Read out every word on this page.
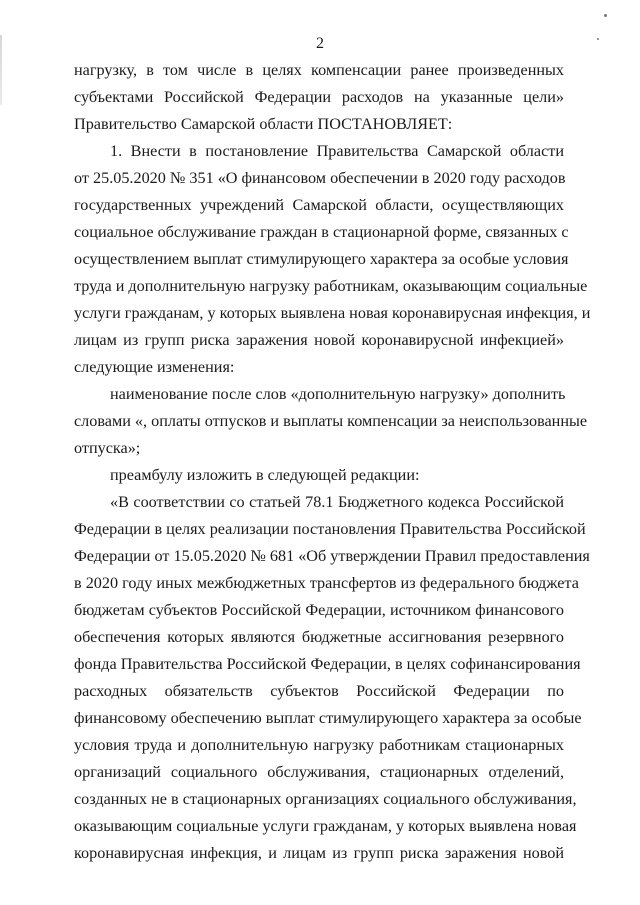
2
нагрузку, в том числе в целях компенсации ранее произведенных
субъектами Российской Федерации расходов на указанные цели»
Правительство Самарской области ПОСТАНОВЛЯЕТ:
1. Внести в постановление Правительства Самарской области
от 25.05.2020 № 351 «О финансовом обеспечении в 2020 году расходов
государственных учреждений Самарской области, осуществляющих
социальное обслуживание граждан в стационарной форме, связанных с
осуществлением выплат стимулирующего характера за особые условия
труда и дополнительную нагрузку работникам, оказывающим социальные
услуги гражданам, у которых выявлена новая коронавирусная инфекция, и
лицам из групп риска заражения новой коронавирусной инфекцией»
следующие изменения:
наименование после слов «дополнительную нагрузку» дополнить
словами «, оплаты отпусков и выплаты компенсации за неиспользованные
отпуска»;
преамбулу изложить в следующей редакции:
«В соответствии со статьей 78.1 Бюджетного кодекса Российской
Федерации в целях реализации постановления Правительства Российской
Федерации от 15.05.2020 № 681 «Об утверждении Правил предоставления
в 2020 году иных межбюджетных трансфертов из федерального бюджета
бюджетам субъектов Российской Федерации, источником финансового
обеспечения которых являются бюджетные ассигнования резервного
фонда Правительства Российской Федерации, в целях софинансирования
расходных обязательств субъектов Российской Федерации по
финансовому обеспечению выплат стимулирующего характера за особые
условия труда и дополнительную нагрузку работникам стационарных
организаций социального обслуживания, стационарных отделений,
созданных не в стационарных организациях социального обслуживания,
оказывающим социальные услуги гражданам, у которых выявлена новая
коронавирусная инфекция, и лицам из групп риска заражения новой
